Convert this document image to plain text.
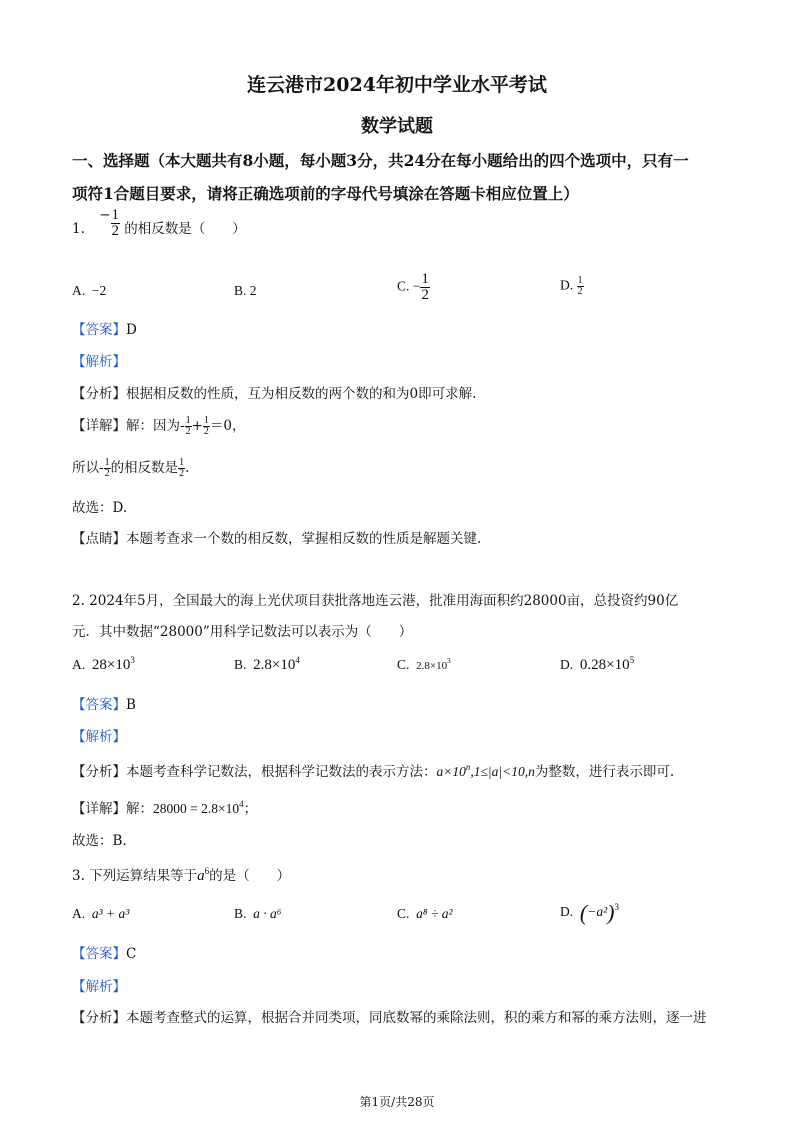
连云港市2024年初中学业水平考试
数学试题
一、选择题（本大题共有8小题，每小题3分，共24分在每小题给出的四个选项中，只有一
项符1合题目要求，请将正确选项前的字母代号填涂在答题卡相应位置上）
1. − $\frac{1}{2}$ 的相反数是（　　）
A. −2	B. 2	C. − $\frac{1}{2}$	D. $\frac{1}{2}$
【答案】D
【解析】
【分析】根据相反数的性质，互为相反数的两个数的和为0即可求解.
【详解】解：因为- $\frac{1}{2} + \frac{1}{2} =0$，
所以- $\frac{1}{2}$ 的相反数是 $\frac{1}{2}$ .
故选：D.
【点睛】本题考查求一个数的相反数，掌握相反数的性质是解题关键.
2. 2024年5月，全国最大的海上光伏项目获批落地连云港，批准用海面积约28000亩，总投资约90亿
元．其中数据“28000”用科学记数法可以表示为（　　）
A. $28\times 10^3$	B. $2.8\times 10^4$	C. $2.8\times 10^3$	D. $0.28\times 10^5$
【答案】B
【解析】
【分析】本题考查科学记数法，根据科学记数法的表示方法：$a\times 10^n,1\le|a|<10,n$为整数，进行表示即可.
【详解】解：$28000 = 2.8\times 10^4$；
故选：B.
3. 下列运算结果等于$a^6$的是（　　）
A. a³ + a³	B. a · a⁶	C. a⁸ ÷ a²	D. $(-a^2)^3$
【答案】C
【解析】
【分析】本题考查整式的运算，根据合并同类项，同底数幂的乘除法则，积的乘方和幂的乘方法则，逐一进
第1页/共28页
